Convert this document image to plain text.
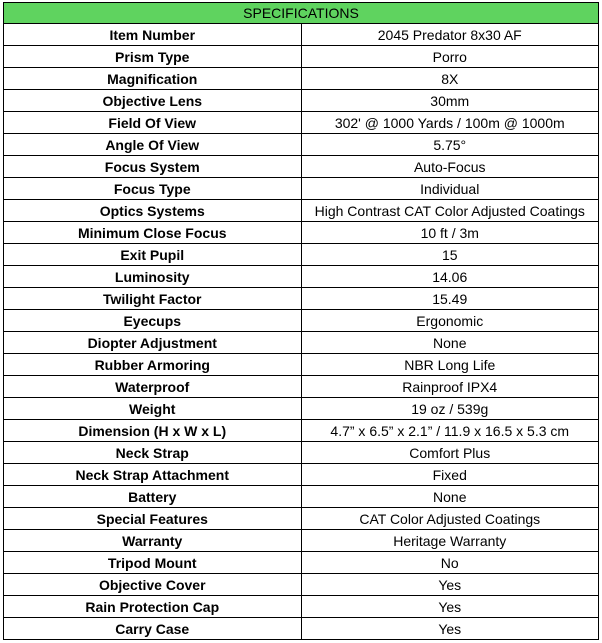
SPECIFICATIONS	
Item Number	2045 Predator 8x30 AF
Prism Type	Porro
Magnification	8X
Objective Lens	30mm
Field Of View	302' @ 1000 Yards / 100m @ 1000m
Angle Of View	5.75°
Focus System	Auto-Focus
Focus Type	Individual
Optics Systems	High Contrast CAT Color Adjusted Coatings
Minimum Close Focus	10 ft / 3m
Exit Pupil	15
Luminosity	14.06
Twilight Factor	15.49
Eyecups	Ergonomic
Diopter Adjustment	None
Rubber Armoring	NBR Long Life
Waterproof	Rainproof IPX4
Weight	19 oz / 539g
Dimension (H x W x L)	4.7” x 6.5” x 2.1” / 11.9 x 16.5 x 5.3 cm
Neck Strap	Comfort Plus
Neck Strap Attachment	Fixed
Battery	None
Special Features	CAT Color Adjusted Coatings
Warranty	Heritage Warranty
Tripod Mount	No
Objective Cover	Yes
Rain Protection Cap	Yes
Carry Case	Yes
